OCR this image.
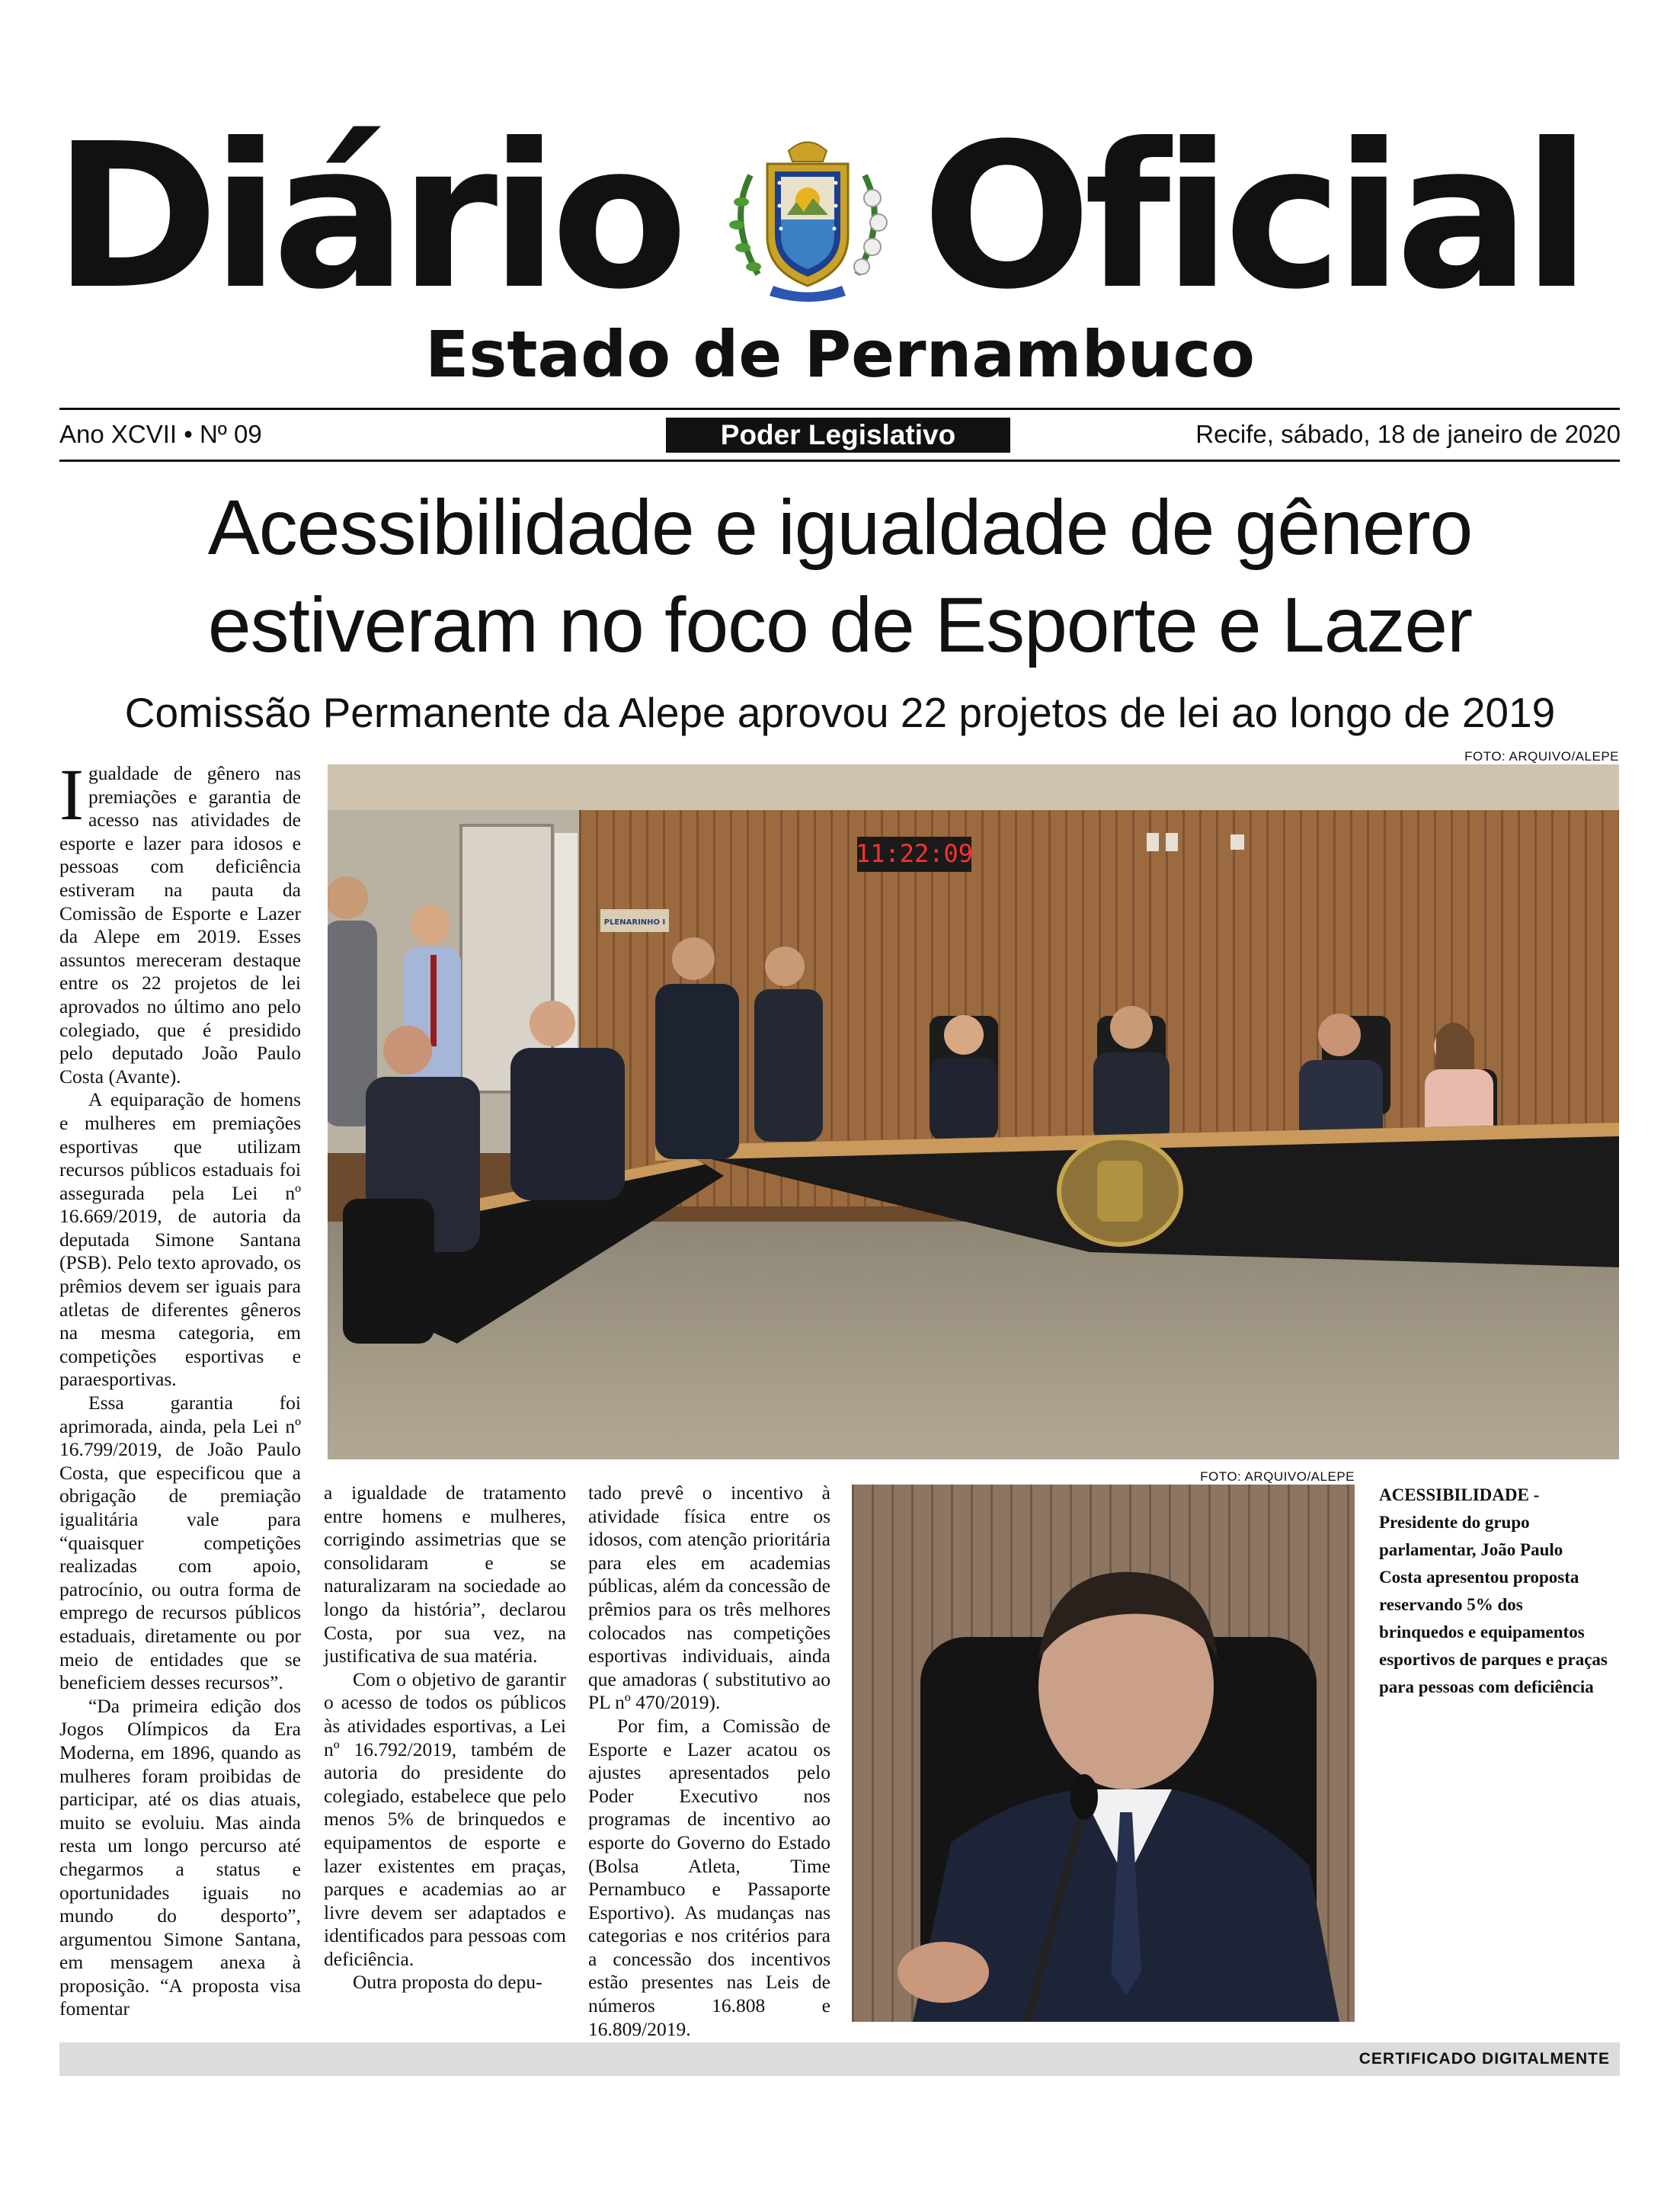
Diário Oficial
Estado de Pernambuco
Ano XCVII • Nº 09	Poder Legislativo	Recife, sábado, 18 de janeiro de 2020
Acessibilidade e igualdade de gênero
estiveram no foco de Esporte e Lazer
Comissão Permanente da Alepe aprovou 22 projetos de lei ao longo de 2019
FOTO: ARQUIVO/ALEPE
11:22:09
PLENARINHO I

Igualdade de gênero nas premiações e garantia de acesso nas atividades de esporte e lazer para idosos e pessoas com deficiência estiveram na pauta da Comissão de Esporte e Lazer da Alepe em 2019. Esses assuntos mereceram destaque entre os 22 projetos de lei aprovados no último ano pelo colegiado, que é presidido pelo deputado João Paulo Costa (Avante).

A equiparação de homens e mulheres em premiações esportivas que utilizam recursos públicos estaduais foi assegurada pela Lei nº 16.669/2019, de autoria da deputada Simone Santana (PSB). Pelo texto aprovado, os prêmios devem ser iguais para atletas de diferentes gêneros na mesma categoria, em competições esportivas e paraesportivas.

Essa garantia foi aprimorada, ainda, pela Lei nº 16.799/2019, de João Paulo Costa, que especificou que a obrigação de premiação igualitária vale para “quaisquer competições realizadas com apoio, patrocínio, ou outra forma de emprego de recursos públicos estaduais, diretamente ou por meio de entidades que se beneficiem desses recursos”.

“Da primeira edição dos Jogos Olímpicos da Era Moderna, em 1896, quando as mulheres foram proibidas de participar, até os dias atuais, muito se evoluiu. Mas ainda resta um longo percurso até chegarmos a status e oportunidades iguais no mundo do desporto”, argumentou Simone Santana, em mensagem anexa à proposição. “A proposta visa fomentar

a igualdade de tratamento entre homens e mulheres, corrigindo assimetrias que se consolidaram e se naturalizaram na sociedade ao longo da história”, declarou Costa, por sua vez, na justificativa de sua matéria.

Com o objetivo de garantir o acesso de todos os públicos às atividades esportivas, a Lei nº 16.792/2019, também de autoria do presidente do colegiado, estabelece que pelo menos 5% de brinquedos e equipamentos de esporte e lazer existentes em praças, parques e academias ao ar livre devem ser adaptados e identificados para pessoas com deficiência.

Outra proposta do depu-

tado prevê o incentivo à atividade física entre os idosos, com atenção prioritária para eles em academias públicas, além da concessão de prêmios para os três melhores colocados nas competições esportivas individuais, ainda que amadoras ( substitutivo ao PL nº 470/2019).

Por fim, a Comissão de Esporte e Lazer acatou os ajustes apresentados pelo Poder Executivo nos programas de incentivo ao esporte do Governo do Estado (Bolsa Atleta, Time Pernambuco e Passaporte Esportivo). As mudanças nas categorias e nos critérios para a concessão dos incentivos estão presentes nas Leis de números 16.808 e 16.809/2019.

FOTO: ARQUIVO/ALEPE
ACESSIBILIDADE -
Presidente do grupo parlamentar, João Paulo Costa apresentou proposta reservando 5% dos brinquedos e equipamentos esportivos de parques e praças para pessoas com deficiência
CERTIFICADO DIGITALMENTE
